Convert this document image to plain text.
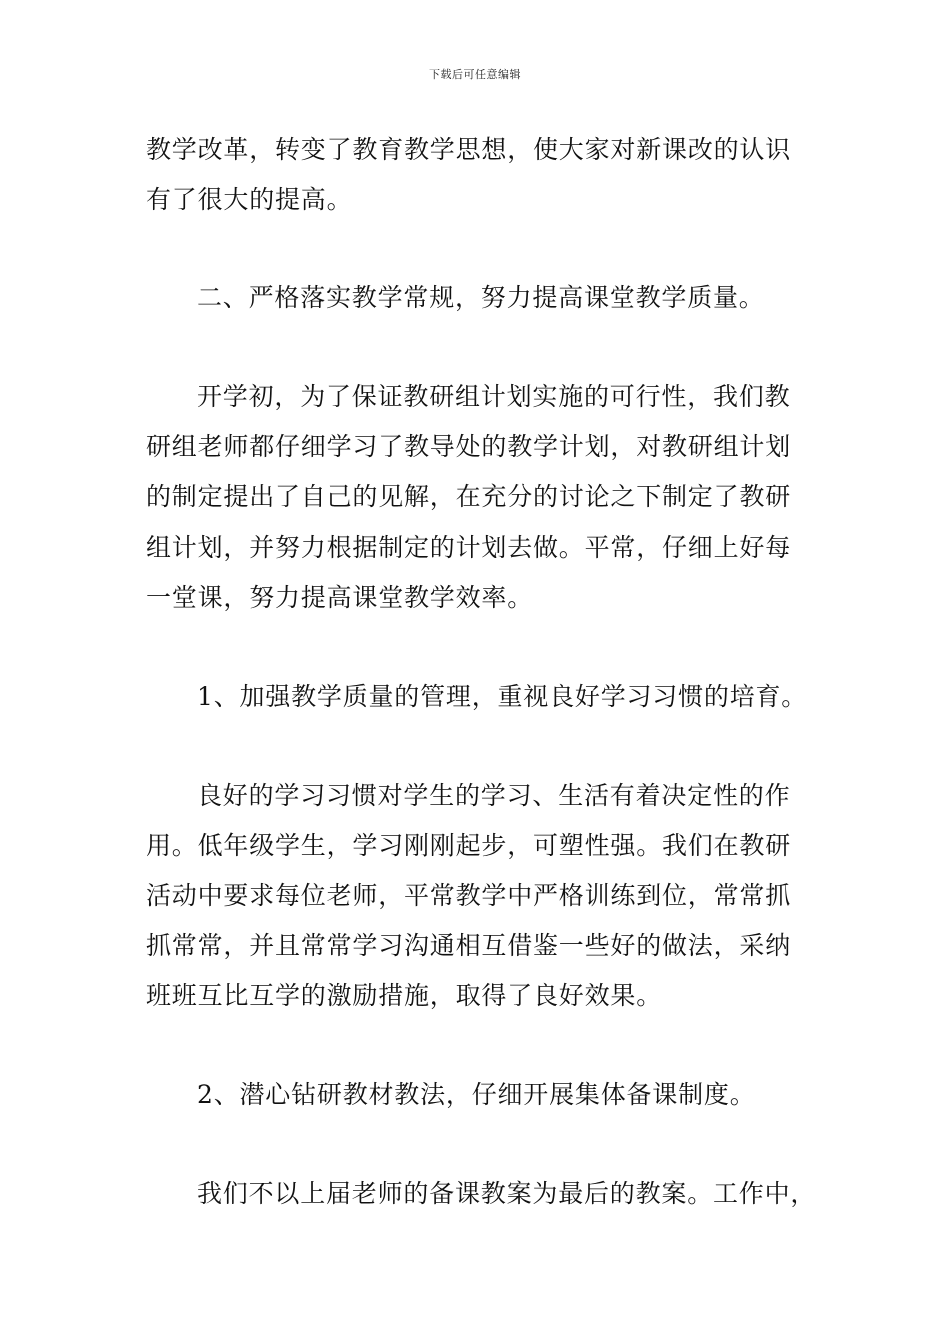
下载后可任意编辑
教学改革，转变了教育教学思想，使大家对新课改的认识
有了很大的提高。
二、严格落实教学常规，努力提高课堂教学质量。
开学初，为了保证教研组计划实施的可行性，我们教
研组老师都仔细学习了教导处的教学计划，对教研组计划
的制定提出了自己的见解，在充分的讨论之下制定了教研
组计划，并努力根据制定的计划去做。平常，仔细上好每
一堂课，努力提高课堂教学效率。
1、加强教学质量的管理，重视良好学习习惯的培育。
良好的学习习惯对学生的学习、生活有着决定性的作
用。低年级学生，学习刚刚起步，可塑性强。我们在教研
活动中要求每位老师，平常教学中严格训练到位，常常抓
抓常常，并且常常学习沟通相互借鉴一些好的做法，采纳
班班互比互学的激励措施，取得了良好效果。
2、潜心钻研教材教法，仔细开展集体备课制度。
我们不以上届老师的备课教案为最后的教案。工作中，
